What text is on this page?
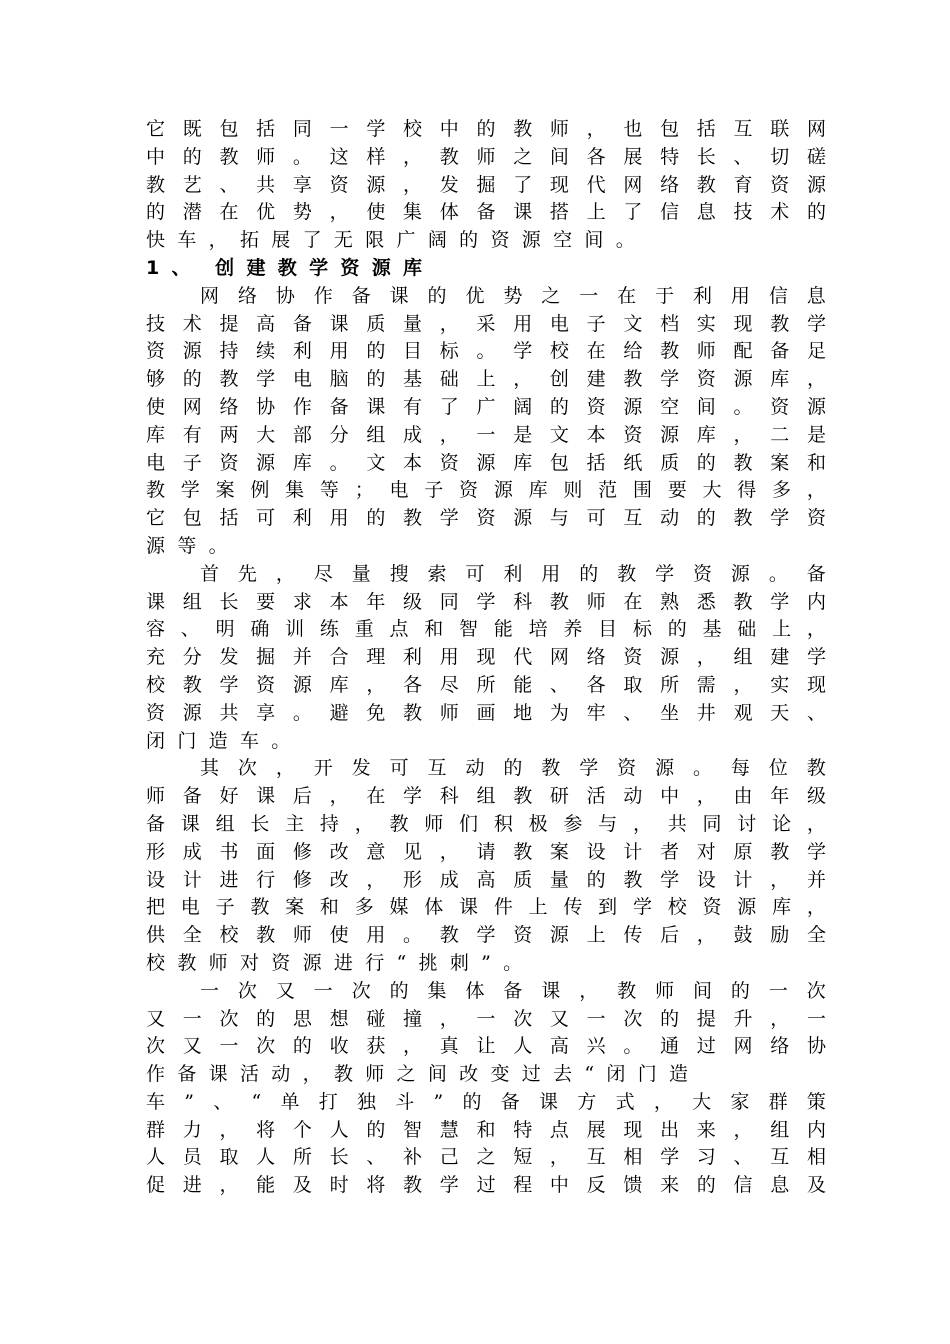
它 既 包 括 同 一 学 校 中 的 教 师 ， 也 包 括 互 联 网
中 的 教 师 。 这 样 ， 教 师 之 间 各 展 特 长 、 切 磋
教 艺 、 共 享 资 源 ， 发 掘 了 现 代 网 络 教 育 资 源
的 潜 在 优 势 ， 使 集 体 备 课 搭 上 了 信 息 技 术 的
快 车 ， 拓 展 了 无 限 广 阔 的 资 源 空 间 。
1 、 创 建 教 学 资 源 库
网 络 协 作 备 课 的 优 势 之 一 在 于 利 用 信 息
技 术 提 高 备 课 质 量 ， 采 用 电 子 文 档 实 现 教 学
资 源 持 续 利 用 的 目 标 。 学 校 在 给 教 师 配 备 足
够 的 教 学 电 脑 的 基 础 上 ， 创 建 教 学 资 源 库 ，
使 网 络 协 作 备 课 有 了 广 阔 的 资 源 空 间 。 资 源
库 有 两 大 部 分 组 成 ， 一 是 文 本 资 源 库 ， 二 是
电 子 资 源 库 。 文 本 资 源 库 包 括 纸 质 的 教 案 和
教 学 案 例 集 等 ； 电 子 资 源 库 则 范 围 要 大 得 多 ，
它 包 括 可 利 用 的 教 学 资 源 与 可 互 动 的 教 学 资
源 等 。
首 先 ， 尽 量 搜 索 可 利 用 的 教 学 资 源 。 备
课 组 长 要 求 本 年 级 同 学 科 教 师 在 熟 悉 教 学 内
容 、 明 确 训 练 重 点 和 智 能 培 养 目 标 的 基 础 上 ，
充 分 发 掘 并 合 理 利 用 现 代 网 络 资 源 ， 组 建 学
校 教 学 资 源 库 ， 各 尽 所 能 、 各 取 所 需 ， 实 现
资 源 共 享 。 避 免 教 师 画 地 为 牢 、 坐 井 观 天 、
闭 门 造 车 。
其 次 ， 开 发 可 互 动 的 教 学 资 源 。 每 位 教
师 备 好 课 后 ， 在 学 科 组 教 研 活 动 中 ， 由 年 级
备 课 组 长 主 持 ， 教 师 们 积 极 参 与 ， 共 同 讨 论 ，
形 成 书 面 修 改 意 见 ， 请 教 案 设 计 者 对 原 教 学
设 计 进 行 修 改 ， 形 成 高 质 量 的 教 学 设 计 ， 并
把 电 子 教 案 和 多 媒 体 课 件 上 传 到 学 校 资 源 库 ，
供 全 校 教 师 使 用 。 教 学 资 源 上 传 后 ， 鼓 励 全
校 教 师 对 资 源 进 行 “ 挑 刺 ” 。
一 次 又 一 次 的 集 体 备 课 ， 教 师 间 的 一 次
又 一 次 的 思 想 碰 撞 ， 一 次 又 一 次 的 提 升 ， 一
次 又 一 次 的 收 获 ， 真 让 人 高 兴 。 通 过 网 络 协
作 备 课 活 动 ， 教 师 之 间 改 变 过 去 “ 闭 门 造
车 ” 、 “ 单 打 独 斗 ” 的 备 课 方 式 ， 大 家 群 策
群 力 ， 将 个 人 的 智 慧 和 特 点 展 现 出 来 ， 组 内
人 员 取 人 所 长 、 补 己 之 短 ， 互 相 学 习 、 互 相
促 进 ， 能 及 时 将 教 学 过 程 中 反 馈 来 的 信 息 及
